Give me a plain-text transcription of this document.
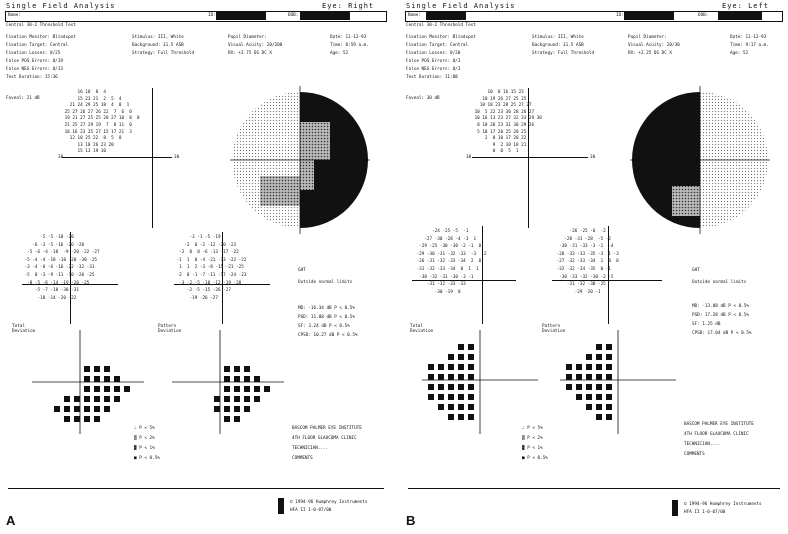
Single Field Analysis	Eye: Right
Name:	ID:	DOB:
Central 30-2 Threshold Test
Fixation Monitor: Blindspot
Fixation Target: Central
Fixation Losses: 8/25
False POS Errors: 8/19
False NEG Errors: 0/13
Test Duration: 15:36
Stimulus: III, White
Background: 31.5 ASB
Strategy: Full Threshold
Pupil Diameter:
Visual Acuity: 20/200
RX: +2.75 DS DC X
Date: 11-12-93
Time: 8:59 a.m.
Age: 52
Foveal: 21 dB
16 10  8  4
15 23 21  2  5  4
21 24 29 25 18  4  8  1
25 27 26 27 26 22  7  6  0
19 21 27 25 25 28 27 10  8  0
21 25 27 29 19  7  8 11  0
18 16 23 25 27 15 17 21  3
12 18 25 22  8  5  8
13 10 26 23 20
15 13 19 10
30	30
-5 -5 -18 -20
-6 -3 -5 -16 -26 -28
-5 -6 -4 -10  -9 -20 -22 -27
-5 -4 -4 -18 -18 -20 -30 -25
-3 -4 -6 -6 -16 -22 -32 -31
-5  0 -3 -9 -11 -10 -20 -25
-8 -5 -6 -14 -19 -20 -25
-5 -7 -18 -30 -31
-18 -14 -20 -22
-3 -1 -5 -19
-2  0 -2 -12 -20 -23
-2  0  0 -6 -13 -17 -22
-1  1  0 -4 -21 -13 -22 -22
1  1  2 -3 -8 -15 -21 -25
-2  0 -1 -7 -11 -17 -24 -23
-3 -2 -5 -10 -12 -19 -20
-2 -5 -15 -26 -27
-19 -26 -27
GHT
Outside normal limits
MD: -16.34 dB P < 0.5%
PSD: 11.08 dB P < 0.5%
SF: 3.24 dB P < 0.5%
CPSD: 10.27 dB P < 0.5%
Total
Deviation
Pattern
Deviation
∴ P < 5%
▒ P < 2%
▓ P < 1%
■ P < 0.5%
BASCOM PALMER EYE INSTITUTE
4TH FLOOR GLAUCOMA CLINIC
TECHNICIAN....
COMMENTS
© 1994-96 Humphrey Instruments
HFA II 1-0-07/00
A
Single Field Analysis	Eye: Left
Name:	ID:	DOB:
Central 30-2 Threshold Test
Fixation Monitor: Blindspot
Fixation Target: Central
Fixation Losses: 0/20
False POS Errors: 0/3
False NEG Errors: 0/3
Test Duration: 11:08
Stimulus: III, White
Background: 31.5 ASB
Strategy: Full Threshold
Pupil Diameter:
Visual Acuity: 20/30
RX: +2.25 DS DC X
Date: 11-12-93
Time: 9:17 a.m.
Age: 52
Foveal: 30 dB
10  8 16 15 23
10 19 26 27 25 25
10 18 23 28 25 27 27
10  5 22 23 30 28 26 27
10 16 13 23 27 32 33 29 30
8 10 20 23 31 30 29 26
5 10 17 20 25 20 25
2  0 10 17 20 22
9  2 10 18 21
0  0  5  1
30	30
-24 -25 -5  -1
-27 -30 -28 -4 -3  1
-29 -25 -30 -30 -2 -1  0
-29 -30 -31 -32 -33  -3  -2
-26 -31 -32 -33 -34  2  0
-31 -32 -33 -34  0  1  1
-30 -32 -31 -30 -3 -1
-31 -32 -33 -33
-30 -19  0
-26 -25 -6  -2
-28 -31 -28  -5 -2
-30 -31 -33 -3 -1  -4
-28 -33 -33 -35 -3  1 -3
-27 -32 -33 -34  1  0  0
-32 -32 -34 -35  0 -1
-30 -33 -32 -30 -2 -5
-31 -32 -30 -25
-29 -20 -1
GHT
Outside normal limits
MD: -13.08 dB P < 0.5%
PSD: 17.28 dB P < 0.5%
SF: 1.25 dB
CPSD: 17.04 dB P < 0.5%
Total
Deviation
Pattern
Deviation
∴ P < 5%
▒ P < 2%
▓ P < 1%
■ P < 0.5%
BASCOM PALMER EYE INSTITUTE
4TH FLOOR GLAUCOMA CLINIC
TECHNICIAN....
COMMENTS
© 1994-96 Humphrey Instruments
HFA II 1-0-07/00
B
